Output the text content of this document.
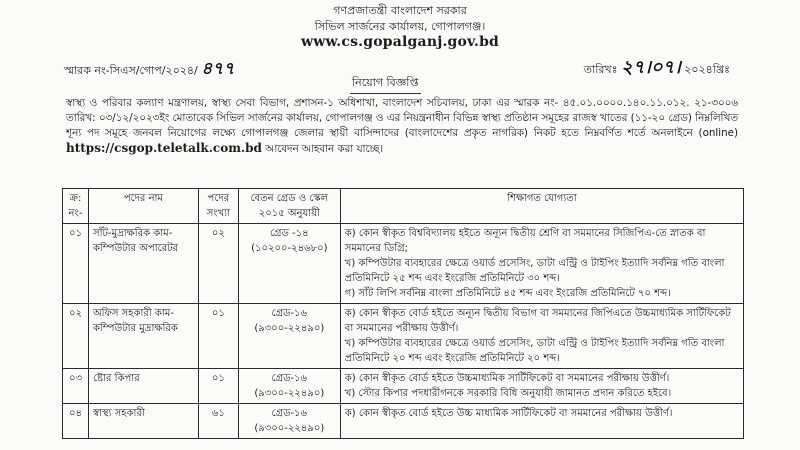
গণপ্রজাতন্ত্রী বাংলাদেশ সরকার
সিভিল সার্জনের কার্যালয়, গোপালগঞ্জ।
www.cs.gopalganj.gov.bd
স্মারক নং-সিএস/গোপ/২০২৪/ ৪৭৭	তারিখঃ ২৭।০৭। ২০২৪খ্রিঃ
নিয়োগ বিজ্ঞপ্তি
স্বাস্থ্য ও পরিবার কল্যাণ মন্ত্রণালয়, স্বাস্থ্য সেবা বিভাগ, প্রশাসন-১ অধিশাখা, বাংলাদেশ সচিবালয়, ঢাকা এর স্মারক নং- ৪৫.০১.০০০০.১৪০.১১.০১২. ২১-৩০০৬ তারিখ: ০৩/১২/২০২৩ইং মোতাবেক সিভিল সার্জনের কার্যালয়, গোপালগঞ্জ ও এর নিয়ন্ত্রনাধীন বিভিন্ন স্বাস্থ্য প্রতিষ্ঠান সমূহের রাজস্ব খাতের (১১-২০ গ্রেড) নিম্নলিখিত শূন্য পদ সমূহে জনবল নিয়োগের লক্ষ্যে গোপালগঞ্জ জেলার স্থায়ী বাসিন্দাদের (বাংলাদেশের প্রকৃত নাগরিক) নিকট হতে নিম্নবর্ণিত শর্তে অনলাইনে (online) https://csgop.teletalk.com.bd আবেদন আহবান করা যাচ্ছে।
ক্র: নং-	পদের নাম	পদের সংখ্যা	বেতন গ্রেড ও স্কেল ২০১৫ অনুযায়ী	শিক্ষাগত যোগ্যতা
০১	সাঁট-মুদ্রাক্ষরিক কাম-কম্পিউটার অপারেটর	০২	গ্রেড -১৪
(১০২০০-২৪৬৮০)	ক) কোন স্বীকৃত বিশ্ববিদ্যালয় হইতে অন্যূন দ্বিতীয় শ্রেণি বা সমমানের সিজিপিএ-তে স্নাতক বা সমমানের ডিগ্রি;
খ) কম্পিউটার ব্যবহারের ক্ষেত্রে ওয়ার্ড প্রসেসিং, ডাটা এন্ট্রি ও টাইপিং ইত্যাদি সর্বনিম্ন গতি বাংলা প্রতিমিনিটে ২৫ শব্দ এবং ইংরেজি প্রতিমিনিটে ৩০ শব্দ।
গ) সাঁট লিপি সর্বনিম্ন বাংলা প্রতিমিনিটে ৪৫ শব্দ এবং ইংরেজি প্রতিমিনিটে ৭০ শব্দ।

০২	অফিস সহকারী কাম-কম্পিউটার মুদ্রাক্ষরিক	০১	গ্রেড-১৬
(৯৩০০-২২৪৯০)	ক) কোন স্বীকৃত বোর্ড হইতে অন্যূন দ্বিতীয় বিভাগ বা সমমানের জিপিএতে উচ্চমাধ্যমিক সার্টিফিকেট বা সমমানের পরীক্ষায় উত্তীর্ণ।
খ) কম্পিউটার ব্যবহারের ক্ষেত্রে ওয়ার্ড প্রসেসিং, ডাটা এন্ট্রি ও টাইপিং ইত্যাদি সর্বনিম্ন গতি বাংলা প্রতিমিনিটে ২০ শব্দ এবং ইংরেজি প্রতিমিনিটে ২০ শব্দ।

০৩	ষ্টোর কিপার	০১	গ্রেড-১৬
(৯৩০০-২২৪৯০)	ক) কোন স্বীকৃত বোর্ড হইতে উচ্চমাধ্যমিক সার্টিফিকেট বা সমমানের পরীক্ষায় উত্তীর্ণ।
খ) স্টোর কিপার পদধারীগনকে সরকারি বিধি অনুযায়ী জামানত প্রদান করিতে হইবে।

০৪	স্বাস্থ্য সহকারী	৬১	গ্রেড-১৬
(৯৩০০-২২৪৯০)	ক) কোন স্বীকৃত বোর্ড হইতে উচ্চ মাধ্যমিক সার্টিফিকেট বা সমমানের পরীক্ষায় উত্তীর্ণ।
